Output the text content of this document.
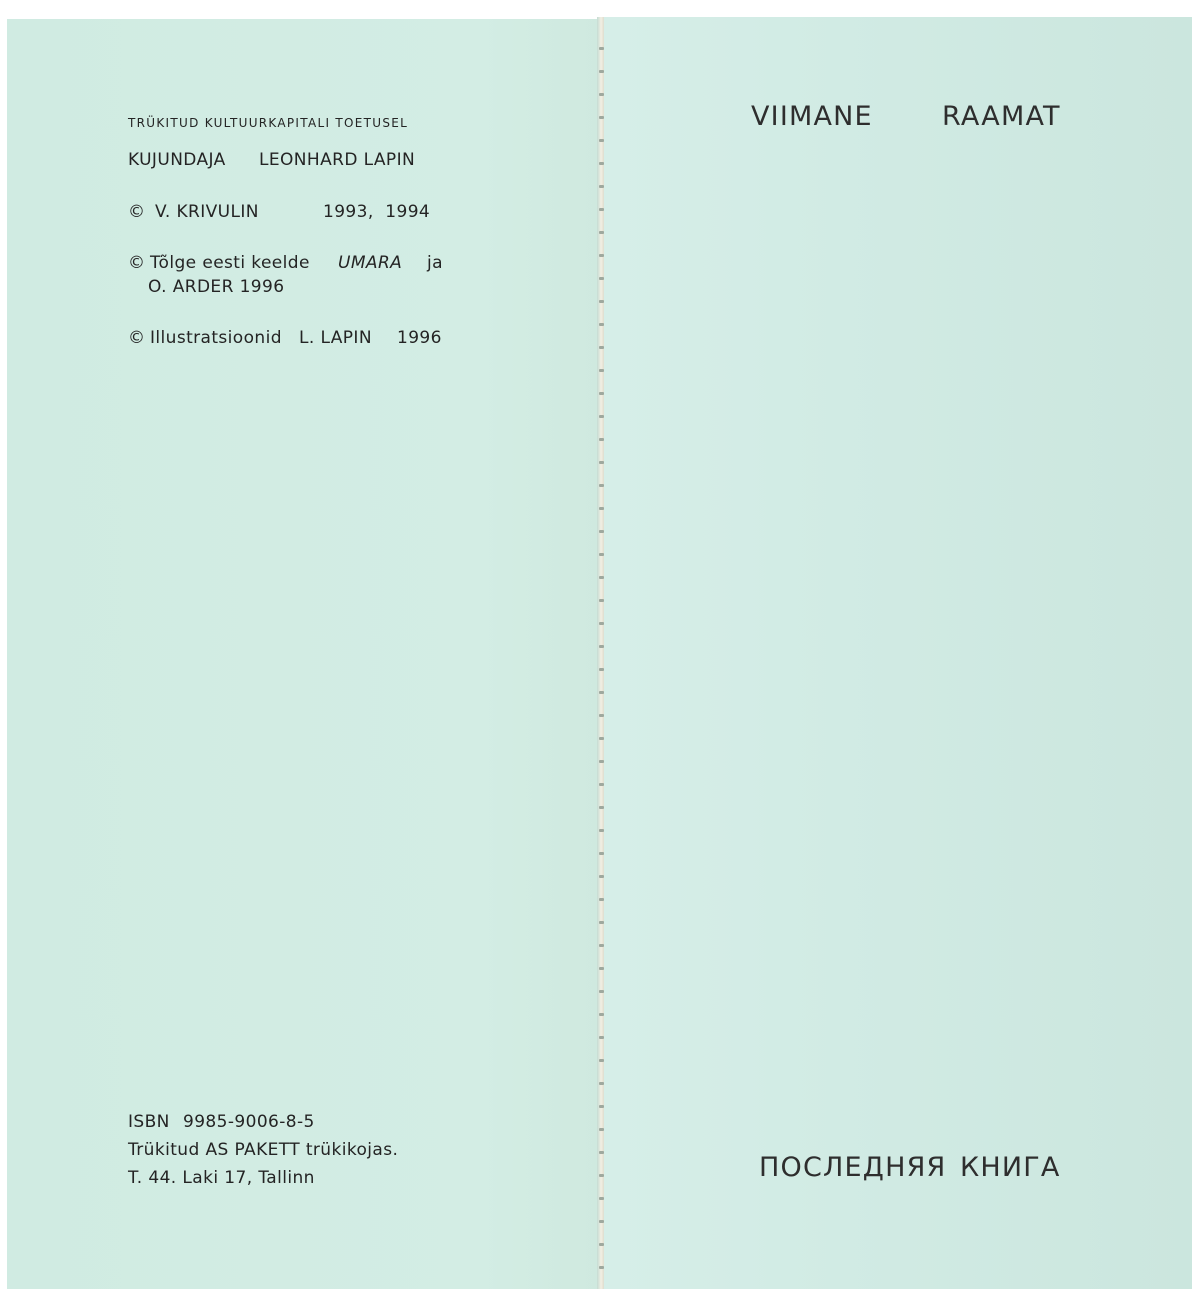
TRÜKITUD KULTUURKAPITALI TOETUSEL
KUJUNDAJA LEONHARD LAPIN
© V. KRIVULIN	1993,  1994
© Tõlge eesti keelde UMARA ja
O. ARDER 1996
© Illustratsioonid L. LAPIN 1996
ISBN 9985-9006-8-5
Trükitud AS PAKETT trükikojas.
T. 44. Laki 17, Tallinn
VIIMANE	RAAMAT
ПОСЛЕДНЯЯ КНИГА
